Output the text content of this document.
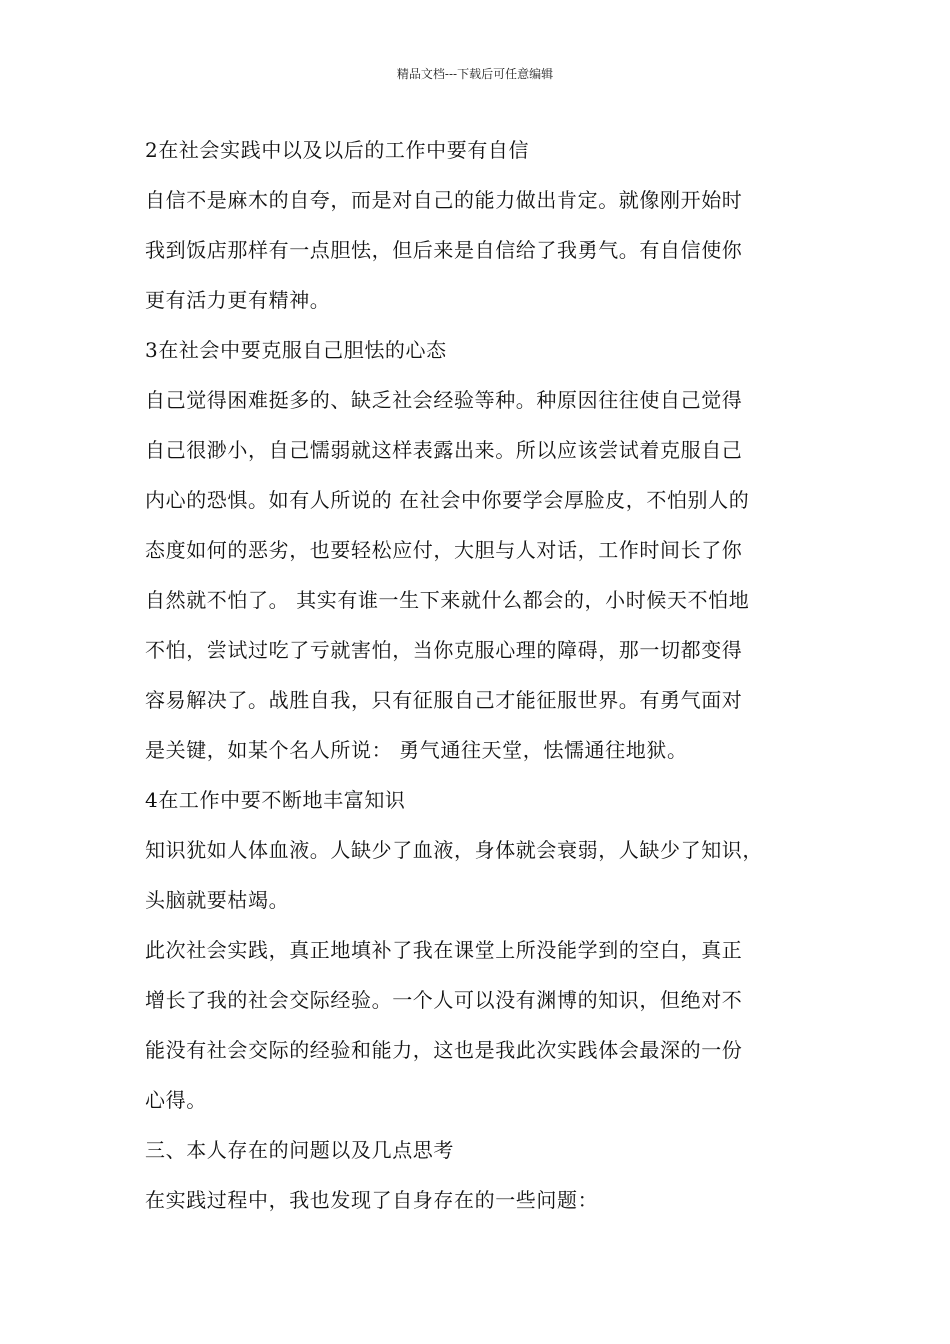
精品文档---下载后可任意编辑
2在社会实践中以及以后的工作中要有自信
自信不是麻木的自夸，而是对自己的能力做出肯定。就像刚开始时
我到饭店那样有一点胆怯，但后来是自信给了我勇气。有自信使你
更有活力更有精神。
3在社会中要克服自己胆怯的心态
自己觉得困难挺多的、缺乏社会经验等种。种原因往往使自己觉得
自己很渺小，自己懦弱就这样表露出来。所以应该尝试着克服自己
内心的恐惧。如有人所说的 在社会中你要学会厚脸皮，不怕别人的
态度如何的恶劣，也要轻松应付，大胆与人对话，工作时间长了你
自然就不怕了。 其实有谁一生下来就什么都会的，小时候天不怕地
不怕，尝试过吃了亏就害怕，当你克服心理的障碍，那一切都变得
容易解决了。战胜自我，只有征服自己才能征服世界。有勇气面对
是关键，如某个名人所说： 勇气通往天堂，怯懦通往地狱。
4在工作中要不断地丰富知识
知识犹如人体血液。人缺少了血液，身体就会衰弱，人缺少了知识，
头脑就要枯竭。
此次社会实践，真正地填补了我在课堂上所没能学到的空白，真正
增长了我的社会交际经验。一个人可以没有渊博的知识，但绝对不
能没有社会交际的经验和能力，这也是我此次实践体会最深的一份
心得。
三、本人存在的问题以及几点思考
在实践过程中，我也发现了自身存在的一些问题：
